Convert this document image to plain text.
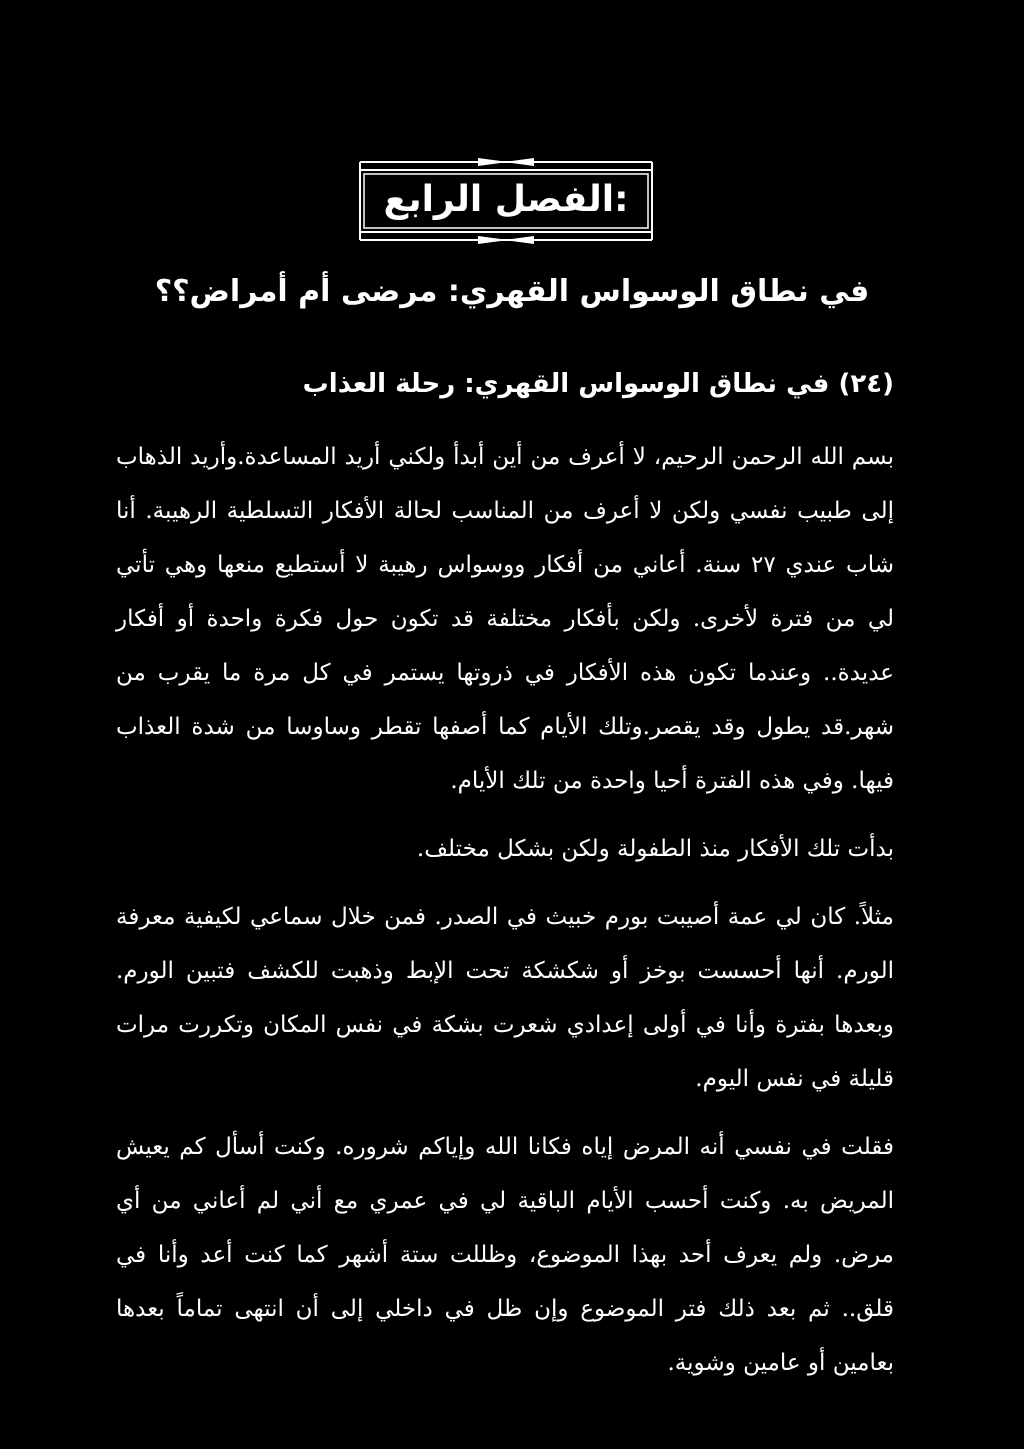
:الفصل الرابع
في نطاق الوسواس القهري: مرضى أم أمراض؟؟
(٢٤) في نطاق الوسواس القهري: رحلة العذاب

بسم الله الرحمن الرحيم، لا أعرف من أين أبدأ ولكني أريد المساعدة.وأريد الذهاب إلى طبيب نفسي ولكن لا أعرف من المناسب لحالة الأفكار التسلطية الرهيبة. أنا شاب عندي ٢٧ سنة. أعاني من أفكار ووسواس رهيبة لا أستطيع منعها وهي تأتي لي من فترة لأخرى. ولكن بأفكار مختلفة قد تكون حول فكرة واحدة أو أفكار عديدة.. وعندما تكون هذه الأفكار في ذروتها يستمر في كل مرة ما يقرب من شهر.قد يطول وقد يقصر.وتلك الأيام كما أصفها تقطر وساوسا من شدة العذاب فيها. وفي هذه الفترة أحيا واحدة من تلك الأيام.

بدأت تلك الأفكار منذ الطفولة ولكن بشكل مختلف.

مثلاً. كان لي عمة أصيبت بورم خبيث في الصدر. فمن خلال سماعي لكيفية معرفة الورم. أنها أحسست بوخز أو شكشكة تحت الإبط وذهبت للكشف فتبين الورم. وبعدها بفترة وأنا في أولى إعدادي شعرت بشكة في نفس المكان وتكررت مرات قليلة في نفس اليوم.

فقلت في نفسي أنه المرض إياه فكانا الله وإياكم شروره. وكنت أسأل كم يعيش المريض به. وكنت أحسب الأيام الباقية لي في عمري مع أني لم أعاني من أي مرض. ولم يعرف أحد بهذا الموضوع، وظللت ستة أشهر كما كنت أعد وأنا في قلق.. ثم بعد ذلك فتر الموضوع وإن ظل في داخلي إلى أن انتهى تماماً بعدها بعامين أو عامين وشوية.
